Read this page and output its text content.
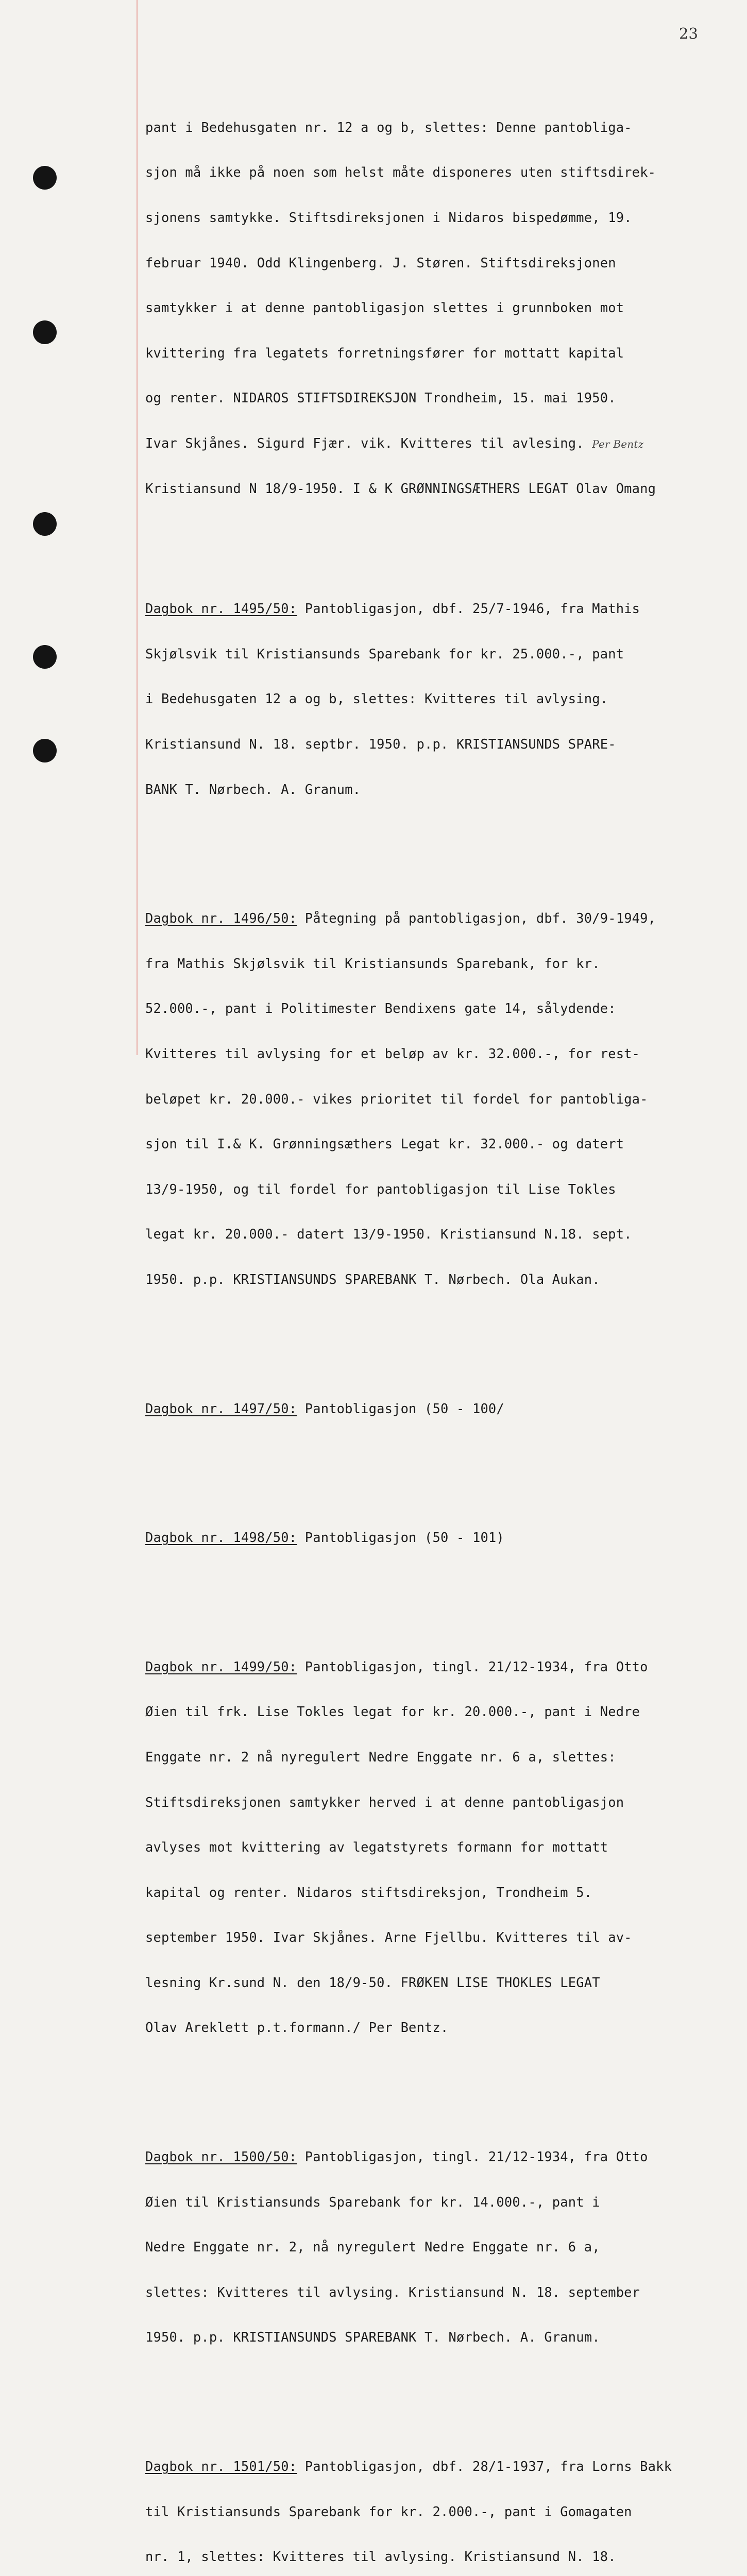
23

pant i Bedehusgaten nr. 12 a og b, slettes: Denne pantobliga-

sjon må ikke på noen som helst måte disponeres uten stiftsdirek-

sjonens samtykke. Stiftsdireksjonen i Nidaros bispedømme, 19.

februar 1940. Odd Klingenberg. J. Støren. Stiftsdireksjonen

samtykker i at denne pantobligasjon slettes i grunnboken mot

kvittering fra legatets forretningsfører for mottatt kapital

og renter. NIDAROS STIFTSDIREKSJON Trondheim, 15. mai 1950.

Ivar Skjånes. Sigurd Fjær. vik. Kvitteres til avlesing. Per Bentz

Kristiansund N 18/9-1950. I & K GRØNNINGSÆTHERS LEGAT Olav Omang

Dagbok nr. 1495/50: Pantobligasjon, dbf. 25/7-1946, fra Mathis

Skjølsvik til Kristiansunds Sparebank for kr. 25.000.-, pant

i Bedehusgaten 12 a og b, slettes: Kvitteres til avlysing.

Kristiansund N. 18. septbr. 1950. p.p. KRISTIANSUNDS SPARE-

BANK T. Nørbech. A. Granum.

Dagbok nr. 1496/50: Påtegning på pantobligasjon, dbf. 30/9-1949,

fra Mathis Skjølsvik til Kristiansunds Sparebank, for kr.

52.000.-, pant i Politimester Bendixens gate 14, sålydende:

Kvitteres til avlysing for et beløp av kr. 32.000.-, for rest-

beløpet kr. 20.000.- vikes prioritet til fordel for pantobliga-

sjon til I.& K. Grønningsæthers Legat kr. 32.000.- og datert

13/9-1950, og til fordel for pantobligasjon til Lise Tokles

legat kr. 20.000.- datert 13/9-1950. Kristiansund N.18. sept.

1950. p.p. KRISTIANSUNDS SPAREBANK T. Nørbech. Ola Aukan.

Dagbok nr. 1497/50: Pantobligasjon (50 - 100/

Dagbok nr. 1498/50: Pantobligasjon (50 - 101)

Dagbok nr. 1499/50: Pantobligasjon, tingl. 21/12-1934, fra Otto

Øien til frk. Lise Tokles legat for kr. 20.000.-, pant i Nedre

Enggate nr. 2 nå nyregulert Nedre Enggate nr. 6 a, slettes:

Stiftsdireksjonen samtykker herved i at denne pantobligasjon

avlyses mot kvittering av legatstyrets formann for mottatt

kapital og renter. Nidaros stiftsdireksjon, Trondheim 5.

september 1950. Ivar Skjånes. Arne Fjellbu. Kvitteres til av-

lesning Kr.sund N. den 18/9-50. FRØKEN LISE THOKLES LEGAT

Olav Areklett p.t.formann./ Per Bentz.

Dagbok nr. 1500/50: Pantobligasjon, tingl. 21/12-1934, fra Otto

Øien til Kristiansunds Sparebank for kr. 14.000.-, pant i

Nedre Enggate nr. 2, nå nyregulert Nedre Enggate nr. 6 a,

slettes: Kvitteres til avlysing. Kristiansund N. 18. september

1950. p.p. KRISTIANSUNDS SPAREBANK T. Nørbech. A. Granum.

Dagbok nr. 1501/50: Pantobligasjon, dbf. 28/1-1937, fra Lorns Bakk

til Kristiansunds Sparebank for kr. 2.000.-, pant i Gomagaten

nr. 1, slettes: Kvitteres til avlysing. Kristiansund N. 18.
